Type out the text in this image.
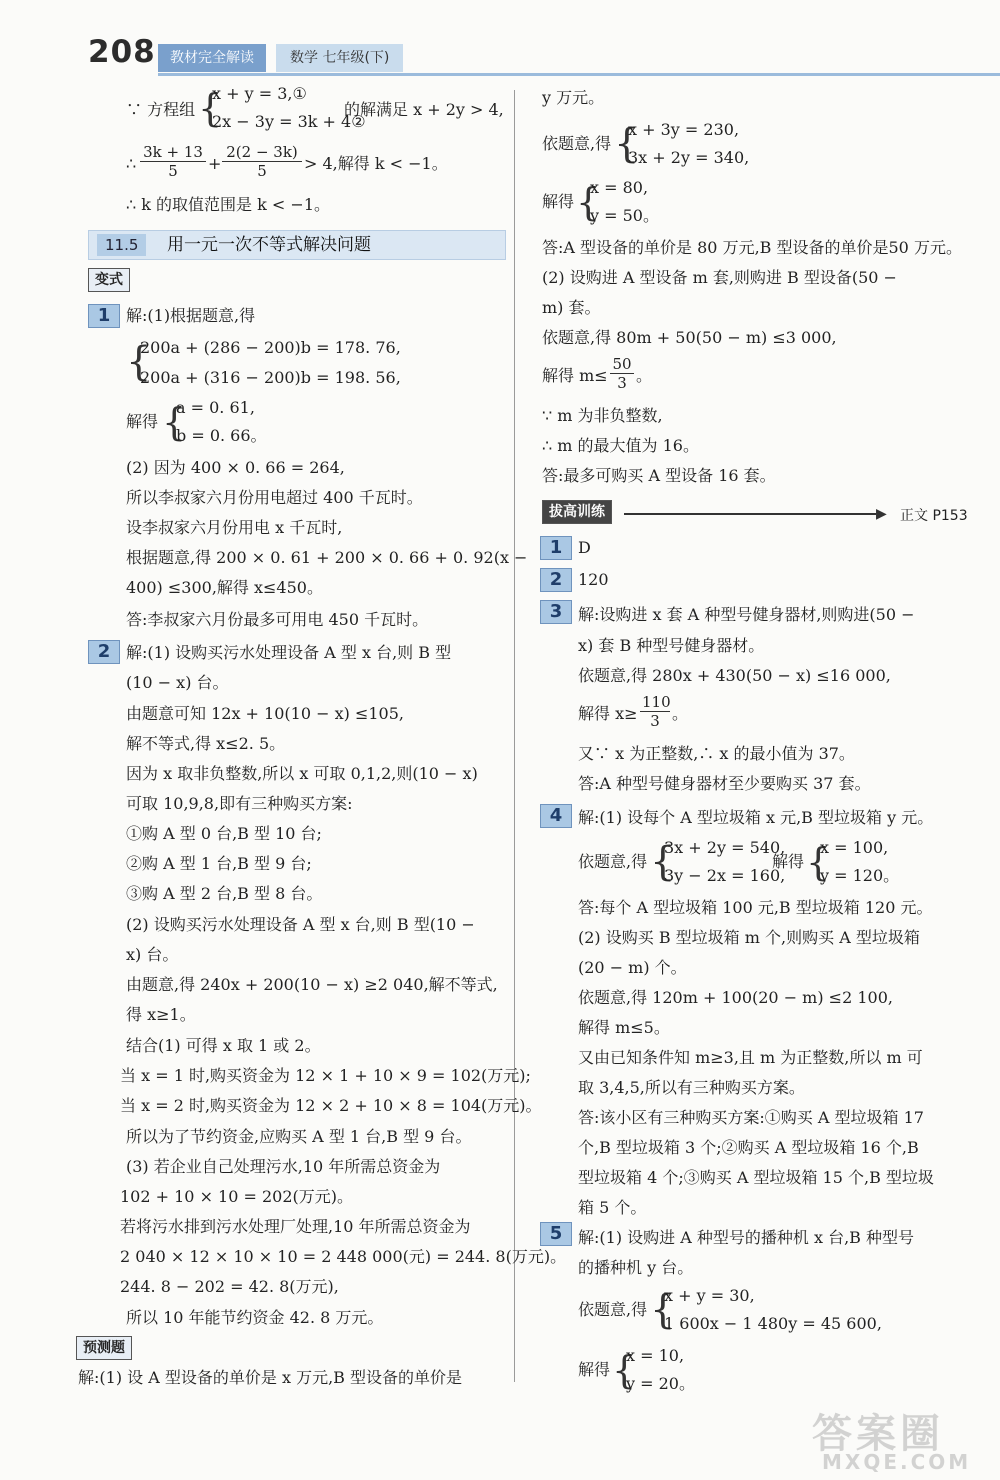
208	教材完全解读	数学 七年级(下)
∵ 方程组 {
x + y = 3,①
2x − 3y = 3k + 4②
的解满足 x + 2y > 4,
∴ $\frac{3k + 13}{5} + \frac{2(2 - 3k)}{5} > 4$,解得 k < −1。
∴ k 的取值范围是 k < −1。
11.5	用一元一次不等式解决问题
变式
1 解:(1)根据题意,得
{
200a + (286 − 200)b = 178. 76,
200a + (316 − 200)b = 198. 56,
解得 {
a = 0. 61,
b = 0. 66。
(2) 因为 400 × 0. 66 = 264,
所以李叔家六月份用电超过 400 千瓦时。
设李叔家六月份用电 x 千瓦时,
根据题意,得 200 × 0. 61 + 200 × 0. 66 + 0. 92(x −
400) ≤300,解得 x≤450。
答:李叔家六月份最多可用电 450 千瓦时。
2 解:(1) 设购买污水处理设备 A 型 x 台,则 B 型
(10 − x) 台。
由题意可知 12x + 10(10 − x) ≤105,
解不等式,得 x≤2. 5。
因为 x 取非负整数,所以 x 可取 0,1,2,则(10 − x)
可取 10,9,8,即有三种购买方案:
①购 A 型 0 台,B 型 10 台;
②购 A 型 1 台,B 型 9 台;
③购 A 型 2 台,B 型 8 台。
(2) 设购买污水处理设备 A 型 x 台,则 B 型(10 −
x) 台。
由题意,得 240x + 200(10 − x) ≥2 040,解不等式,
得 x≥1。
结合(1) 可得 x 取 1 或 2。
当 x = 1 时,购买资金为 12 × 1 + 10 × 9 = 102(万元);
当 x = 2 时,购买资金为 12 × 2 + 10 × 8 = 104(万元)。
所以为了节约资金,应购买 A 型 1 台,B 型 9 台。
(3) 若企业自己处理污水,10 年所需总资金为
102 + 10 × 10 = 202(万元)。
若将污水排到污水处理厂处理,10 年所需总资金为
2 040 × 12 × 10 × 10 = 2 448 000(元) = 244. 8(万元)。
244. 8 − 202 = 42. 8(万元),
所以 10 年能节约资金 42. 8 万元。
预测题
解:(1) 设 A 型设备的单价是 x 万元,B 型设备的单价是
y 万元。
依题意,得 {
x + 3y = 230,
3x + 2y = 340,
解得 {
x = 80,
y = 50。
答:A 型设备的单价是 80 万元,B 型设备的单价是50 万元。
(2) 设购进 A 型设备 m 套,则购进 B 型设备(50 −
m) 套。
依题意,得 80m + 50(50 − m) ≤3 000,
解得 $m\le \frac{50}{3}$ 。
∵ m 为非负整数,
∴ m 的最大值为 16。
答:最多可购买 A 型设备 16 套。
拔高训练	▶ 正文 P153
1 D
2 120
3 解:设购进 x 套 A 种型号健身器材,则购进(50 −
x) 套 B 种型号健身器材。
依题意,得 280x + 430(50 − x) ≤16 000,
解得 $x\ge \frac{110}{3}$ 。
又∵ x 为正整数,∴ x 的最小值为 37。
答:A 种型号健身器材至少要购买 37 套。
4 解:(1) 设每个 A 型垃圾箱 x 元,B 型垃圾箱 y 元。
依题意,得 {
3x + 2y = 540,
3y − 2x = 160,
解得 {
x = 100,
y = 120。
答:每个 A 型垃圾箱 100 元,B 型垃圾箱 120 元。
(2) 设购买 B 型垃圾箱 m 个,则购买 A 型垃圾箱
(20 − m) 个。
依题意,得 120m + 100(20 − m) ≤2 100,
解得 m≤5。
又由已知条件知 m≥3,且 m 为正整数,所以 m 可
取 3,4,5,所以有三种购买方案。
答:该小区有三种购买方案:①购买 A 型垃圾箱 17
个,B 型垃圾箱 3 个;②购买 A 型垃圾箱 16 个,B
型垃圾箱 4 个;③购买 A 型垃圾箱 15 个,B 型垃圾
箱 5 个。
5 解:(1) 设购进 A 种型号的播种机 x 台,B 种型号
的播种机 y 台。
依题意,得 {
x + y = 30,
1 600x − 1 480y = 45 600,
解得 {
x = 10,
y = 20。
答案圈
MXQE.COM
